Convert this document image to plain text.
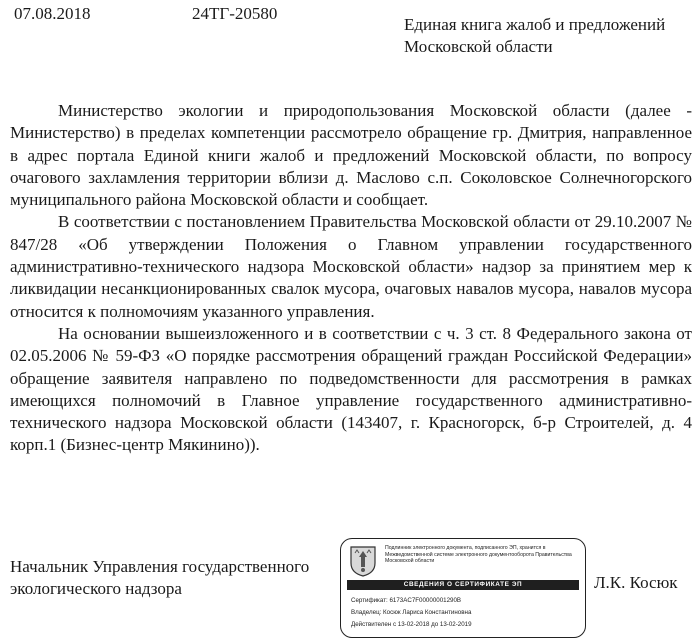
07.08.2018	24ТГ-20580
Единая книга жалоб и предложений
Московской области

Министерство экологии и природопользования Московской области (далее - Министерство) в пределах компетенции рассмотрело обращение гр. Дмитрия, направленное в адрес портала Единой книги жалоб и предложений Московской области, по вопросу очагового захламления территории вблизи д. Маслово с.п. Соколовское Солнечногорского муниципального района Московской области и сообщает.

В соответствии с постановлением Правительства Московской области от 29.10.2007 № 847/28 «Об утверждении Положения о Главном управлении государственного административно-технического надзора Московской области» надзор за принятием мер к ликвидации несанкционированных свалок мусора, очаговых навалов мусора, навалов мусора относится к полномочиям указанного управления.

На основании вышеизложенного и в соответствии с ч. 3 ст. 8 Федерального закона от 02.05.2006 № 59-ФЗ «О порядке рассмотрения обращений граждан Российской Федерации» обращение заявителя направлено по подведомственности для рассмотрения в рамках имеющихся полномочий в Главное управление государственного административно-технического надзора Московской области (143407, г. Красногорск, б-р Строителей, д. 4 корп.1 (Бизнес-центр Мякинино)).

Начальник Управления государственного
экологического надзора
Подлинник электронного документа, подписанного ЭП, хранится в Межведомственной системе электронного документооборота Правительства Московской области
СВЕДЕНИЯ О СЕРТИФИКАТЕ ЭП
Сертификат: 6173AC7F00000001290B
Владелец: Косюк Лариса Константиновна
Действителен с 13-02-2018 до 13-02-2019
Л.К. Косюк
